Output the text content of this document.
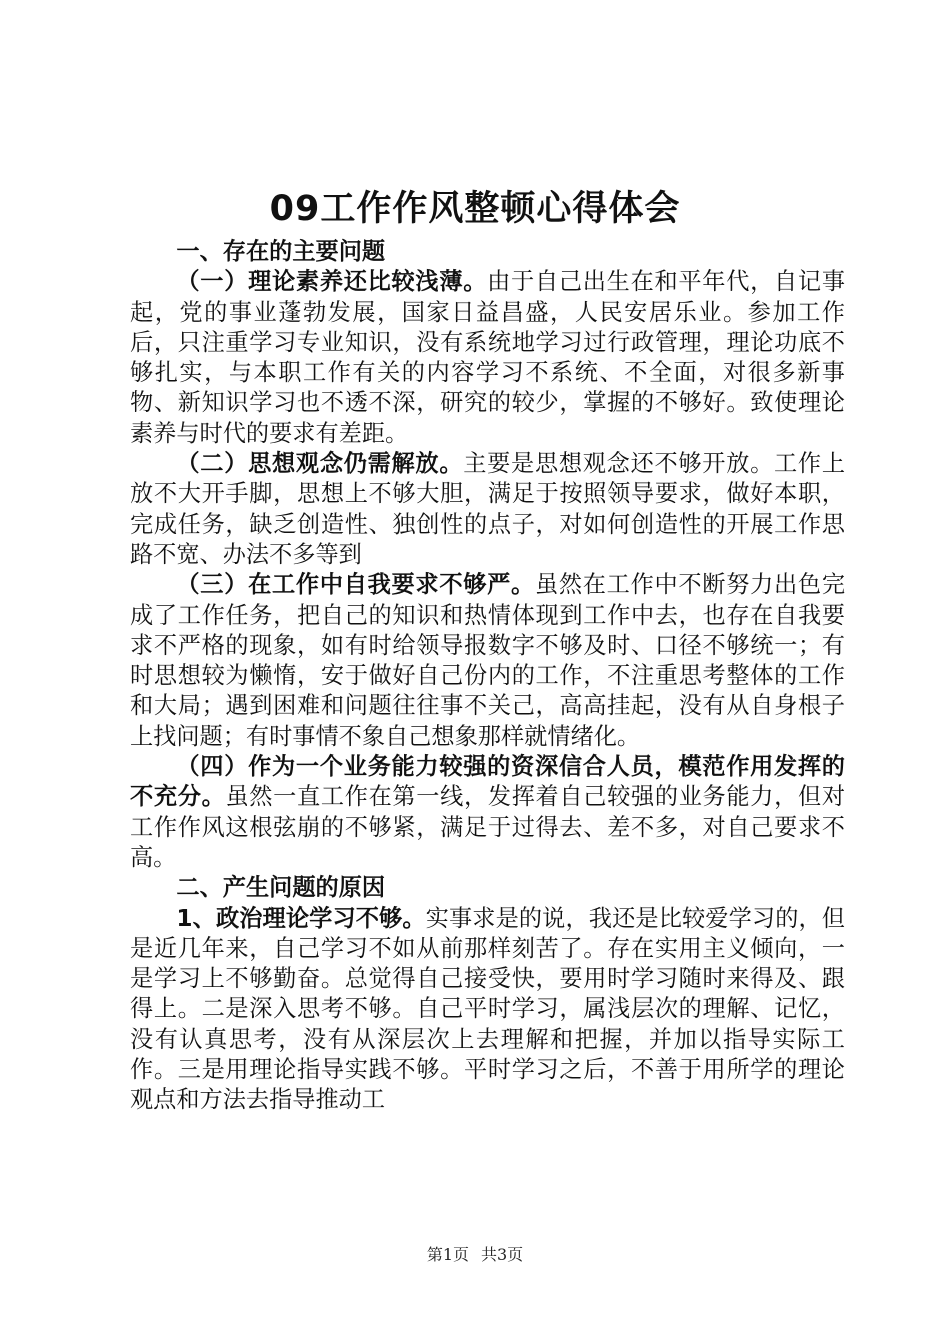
09工作作风整顿心得体会

一、存在的主要问题

（一）理论素养还比较浅薄。由于自己出生在和平年代，自记事起，党的事业蓬勃发展，国家日益昌盛，人民安居乐业。参加工作后，只注重学习专业知识，没有系统地学习过行政管理，理论功底不够扎实，与本职工作有关的内容学习不系统、不全面，对很多新事物、新知识学习也不透不深，研究的较少，掌握的不够好。致使理论素养与时代的要求有差距。

（二）思想观念仍需解放。主要是思想观念还不够开放。工作上放不大开手脚，思想上不够大胆，满足于按照领导要求，做好本职，完成任务，缺乏创造性、独创性的点子，对如何创造性的开展工作思路不宽、办法不多等到

（三）在工作中自我要求不够严。虽然在工作中不断努力出色完成了工作任务，把自己的知识和热情体现到工作中去，也存在自我要求不严格的现象，如有时给领导报数字不够及时、口径不够统一；有时思想较为懒惰，安于做好自己份内的工作，不注重思考整体的工作和大局；遇到困难和问题往往事不关己，高高挂起，没有从自身根子上找问题；有时事情不象自己想象那样就情绪化。

（四）作为一个业务能力较强的资深信合人员，模范作用发挥的不充分。虽然一直工作在第一线，发挥着自己较强的业务能力，但对工作作风这根弦崩的不够紧，满足于过得去、差不多，对自己要求不高。

二、产生问题的原因

1、政治理论学习不够。实事求是的说，我还是比较爱学习的，但是近几年来，自己学习不如从前那样刻苦了。存在实用主义倾向，一是学习上不够勤奋。总觉得自己接受快，要用时学习随时来得及、跟得上。二是深入思考不够。自己平时学习，属浅层次的理解、记忆，没有认真思考，没有从深层次上去理解和把握，并加以指导实际工作。三是用理论指导实践不够。平时学习之后，不善于用所学的理论观点和方法去指导推动工

第1页 共3页
